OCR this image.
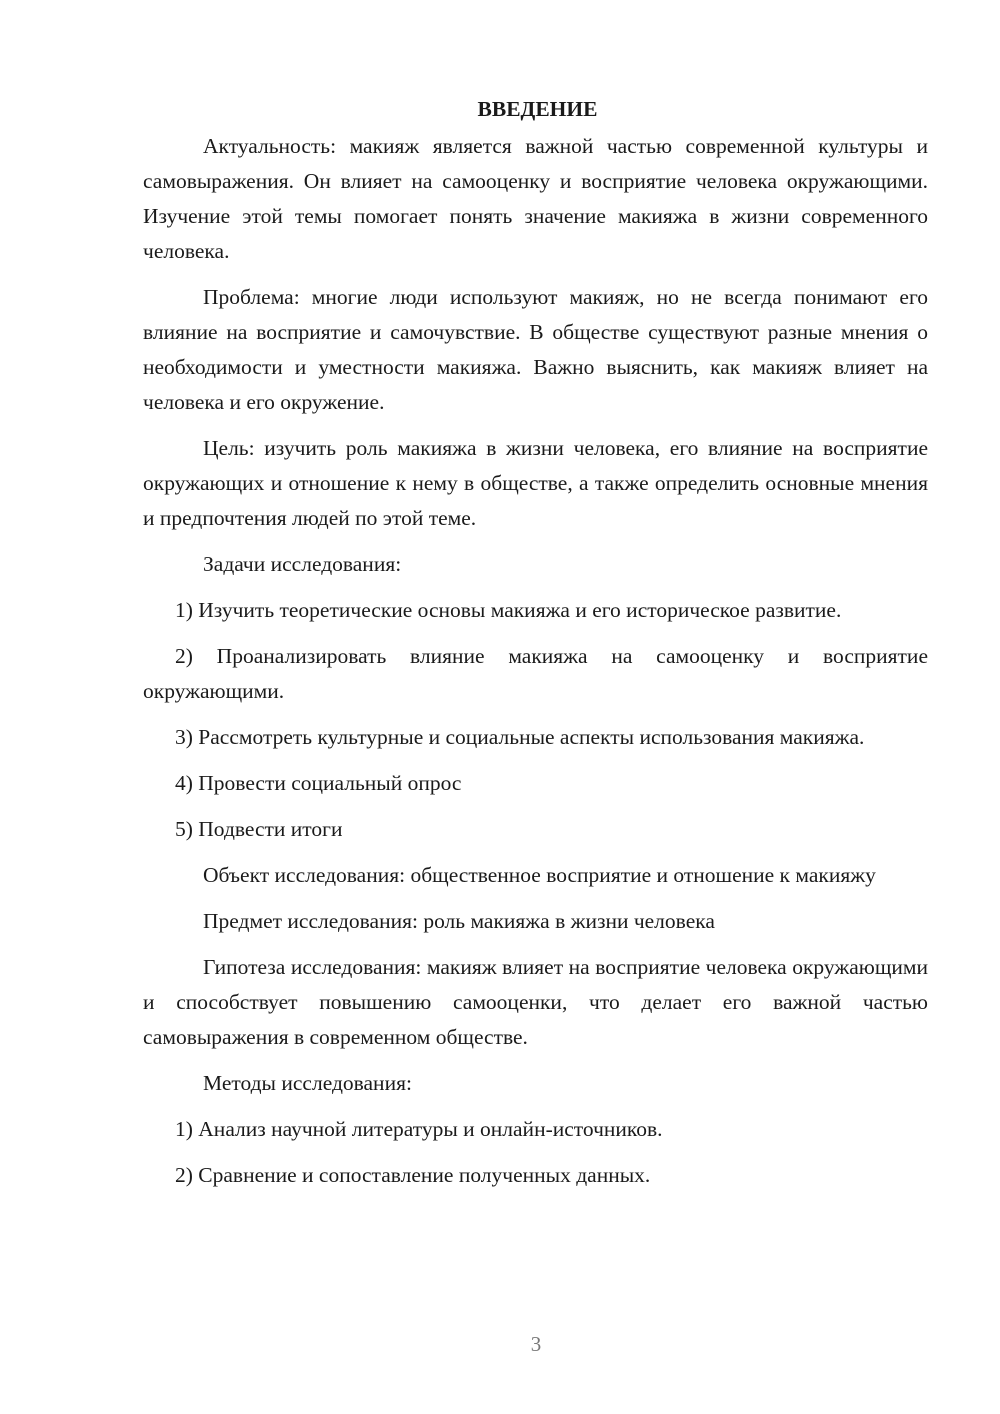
ВВЕДЕНИЕ

Актуальность: макияж является важной частью современной культуры и самовыражения. Он влияет на самооценку и восприятие человека окружающими. Изучение этой темы помогает понять значение макияжа в жизни современного человека.

Проблема: многие люди используют макияж, но не всегда понимают его влияние на восприятие и самочувствие. В обществе существуют разные мнения о необходимости и уместности макияжа. Важно выяснить, как макияж влияет на человека и его окружение.

Цель: изучить роль макияжа в жизни человека, его влияние на восприятие окружающих и отношение к нему в обществе, а также определить основные мнения и предпочтения людей по этой теме.

Задачи исследования:

1) Изучить теоретические основы макияжа и его историческое развитие.

2) Проанализировать влияние макияжа на самооценку и восприятие окружающими.

3) Рассмотреть культурные и социальные аспекты использования макияжа.

4) Провести социальный опрос

5) Подвести итоги

Объект исследования: общественное восприятие и отношение к макияжу

Предмет исследования: роль макияжа в жизни человека

Гипотеза исследования: макияж влияет на восприятие человека окружающими и способствует повышению самооценки, что делает его важной частью самовыражения в современном обществе.

Методы исследования:

1) Анализ научной литературы и онлайн-источников.

2) Сравнение и сопоставление полученных данных.

3
